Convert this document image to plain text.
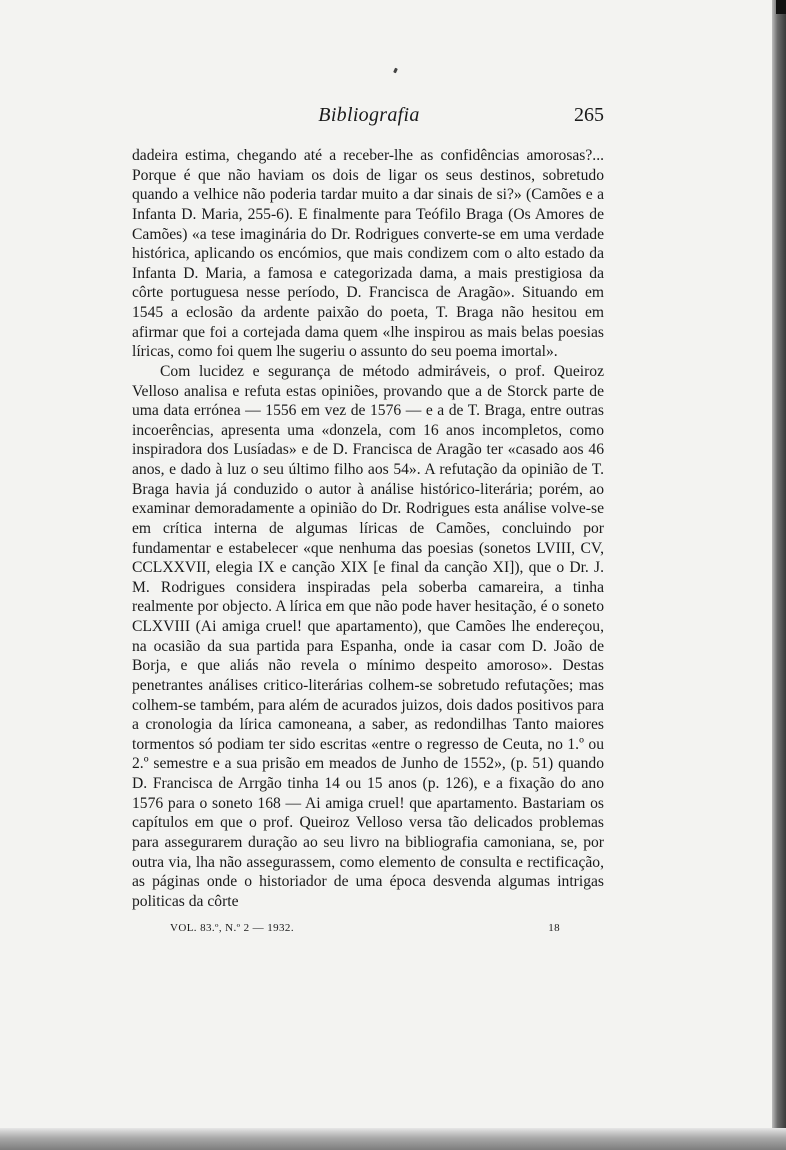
Bibliografia	265

dadeira estima, chegando até a receber-lhe as confidências amorosas?... Porque é que não haviam os dois de ligar os seus destinos, sobretudo quando a velhice não poderia tardar muito a dar sinais de si?» (Camões e a Infanta D. Maria, 255-6). E finalmente para Teófilo Braga (Os Amores de Camões) «a tese imaginária do Dr. Rodrigues converte-se em uma verdade histórica, aplicando os encómios, que mais condizem com o alto estado da Infanta D. Maria, a famosa e categorizada dama, a mais prestigiosa da côrte portuguesa nesse período, D. Francisca de Aragão». Situando em 1545 a eclosão da ardente paixão do poeta, T. Braga não hesitou em afirmar que foi a cortejada dama quem «lhe inspirou as mais belas poesias líricas, como foi quem lhe sugeriu o assunto do seu poema imortal».

Com lucidez e segurança de método admiráveis, o prof. Queiroz Velloso analisa e refuta estas opiniões, provando que a de Storck parte de uma data errónea — 1556 em vez de 1576 — e a de T. Braga, entre outras incoerências, apresenta uma «donzela, com 16 anos incompletos, como inspiradora dos Lusíadas» e de D. Francisca de Aragão ter «casado aos 46 anos, e dado à luz o seu último filho aos 54». A refutação da opinião de T. Braga havia já conduzido o autor à análise histórico-literária; porém, ao examinar demoradamente a opinião do Dr. Rodrigues esta análise volve-se em crítica interna de algumas líricas de Camões, concluindo por fundamentar e estabelecer «que nenhuma das poesias (sonetos LVIII, CV, CCLXXVII, elegia IX e canção XIX [e final da canção XI]), que o Dr. J. M. Rodrigues considera inspiradas pela soberba camareira, a tinha realmente por objecto. A lírica em que não pode haver hesitação, é o soneto CLXVIII (Ai amiga cruel! que apartamento), que Camões lhe endereçou, na ocasião da sua partida para Espanha, onde ia casar com D. João de Borja, e que aliás não revela o mínimo despeito amoroso». Destas penetrantes análises critico-literárias colhem-se sobretudo refutações; mas colhem-se também, para além de acurados juizos, dois dados positivos para a cronologia da lírica camoneana, a saber, as redondilhas Tanto maiores tormentos só podiam ter sido escritas «entre o regresso de Ceuta, no 1.º ou 2.º semestre e a sua prisão em meados de Junho de 1552», (p. 51) quando D. Francisca de Arrgão tinha 14 ou 15 anos (p. 126), e a fixação do ano 1576 para o soneto 168 — Ai amiga cruel! que apartamento. Bastariam os capítulos em que o prof. Queiroz Velloso versa tão delicados problemas para assegurarem duração ao seu livro na bibliografia camoniana, se, por outra via, lha não assegurassem, como elemento de consulta e rectificação, as páginas onde o historiador de uma época desvenda algumas intrigas politicas da côrte

VOL. 83.º, N.º 2 — 1932.	18
